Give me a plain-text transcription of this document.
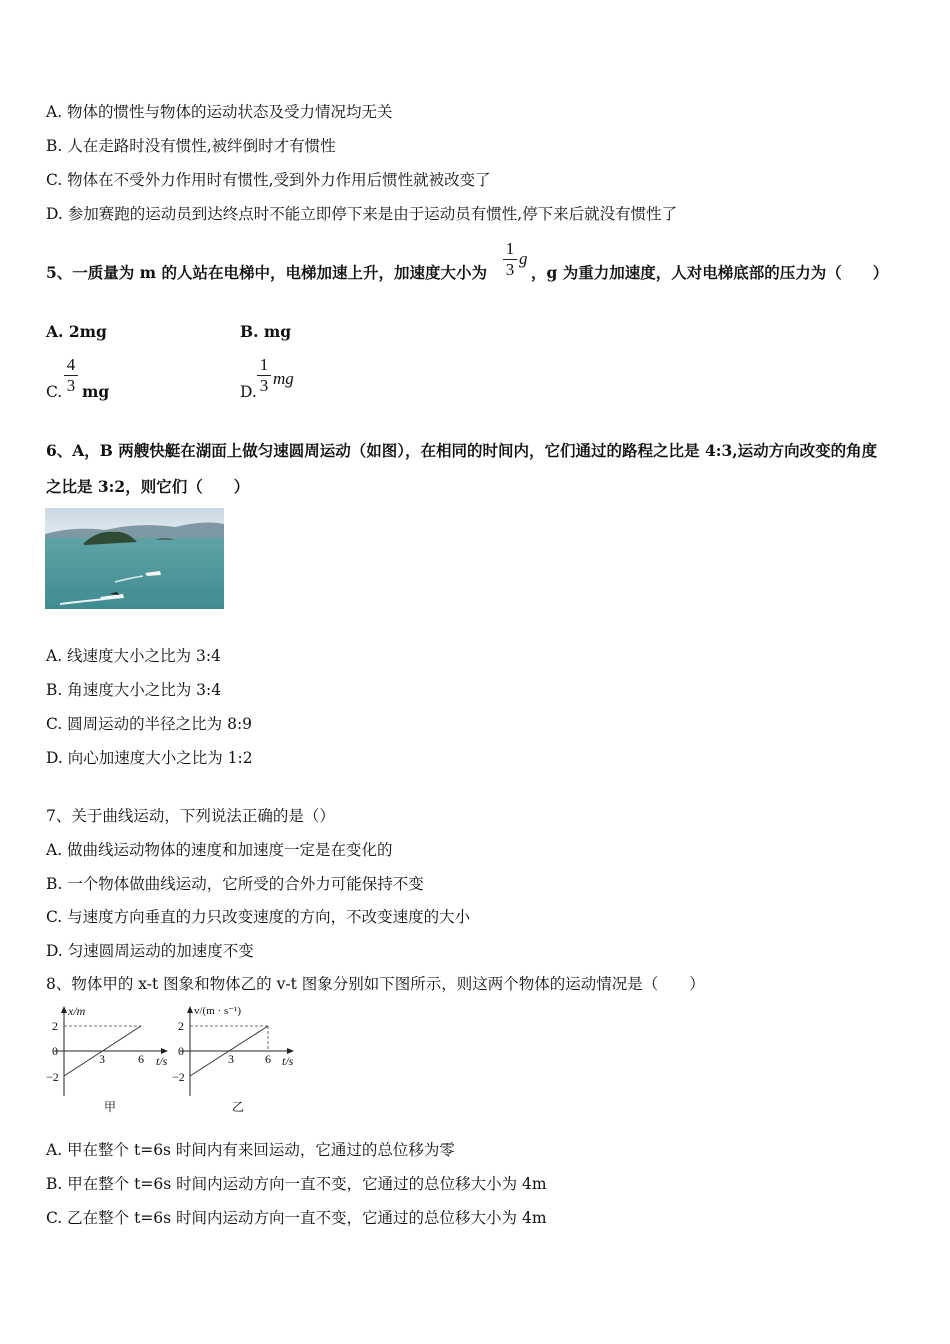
A. 物体的惯性与物体的运动状态及受力情况均无关
B. 人在走路时没有惯性,被绊倒时才有惯性
C. 物体在不受外力作用时有惯性,受到外力作用后惯性就被改变了
D. 参加赛跑的运动员到达终点时不能立即停下来是由于运动员有惯性,停下来后就没有惯性了
5、一质量为 m 的人站在电梯中，电梯加速上升，加速度大小为
1
3
g
，g 为重力加速度，人对电梯底部的压力为（　　）
A. 2mg	B. mg
C.
4
3 mg	D.
1
3 mg
6、A，B 两艘快艇在湖面上做匀速圆周运动（如图），在相同的时间内，它们通过的路程之比是 4:3,运动方向改变的角度
之比是 3:2，则它们（　　）
A. 线速度大小之比为 3:4
B. 角速度大小之比为 3:4
C. 圆周运动的半径之比为 8:9
D. 向心加速度大小之比为 1:2
7、关于曲线运动，下列说法正确的是（）
A. 做曲线运动物体的速度和加速度一定是在变化的
B. 一个物体做曲线运动，它所受的合外力可能保持不变
C. 与速度方向垂直的力只改变速度的方向，不改变速度的大小
D. 匀速圆周运动的加速度不变
8、物体甲的 x-t 图象和物体乙的 v-t 图象分别如下图所示，则这两个物体的运动情况是（　　）
x/m
2
0
−2
3	6 t/s
甲
v/(m · s⁻¹)
2
0
−2
3	6 t/s
乙
A. 甲在整个 t=6s 时间内有来回运动，它通过的总位移为零
B. 甲在整个 t=6s 时间内运动方向一直不变，它通过的总位移大小为 4m
C. 乙在整个 t=6s 时间内运动方向一直不变，它通过的总位移大小为 4m
